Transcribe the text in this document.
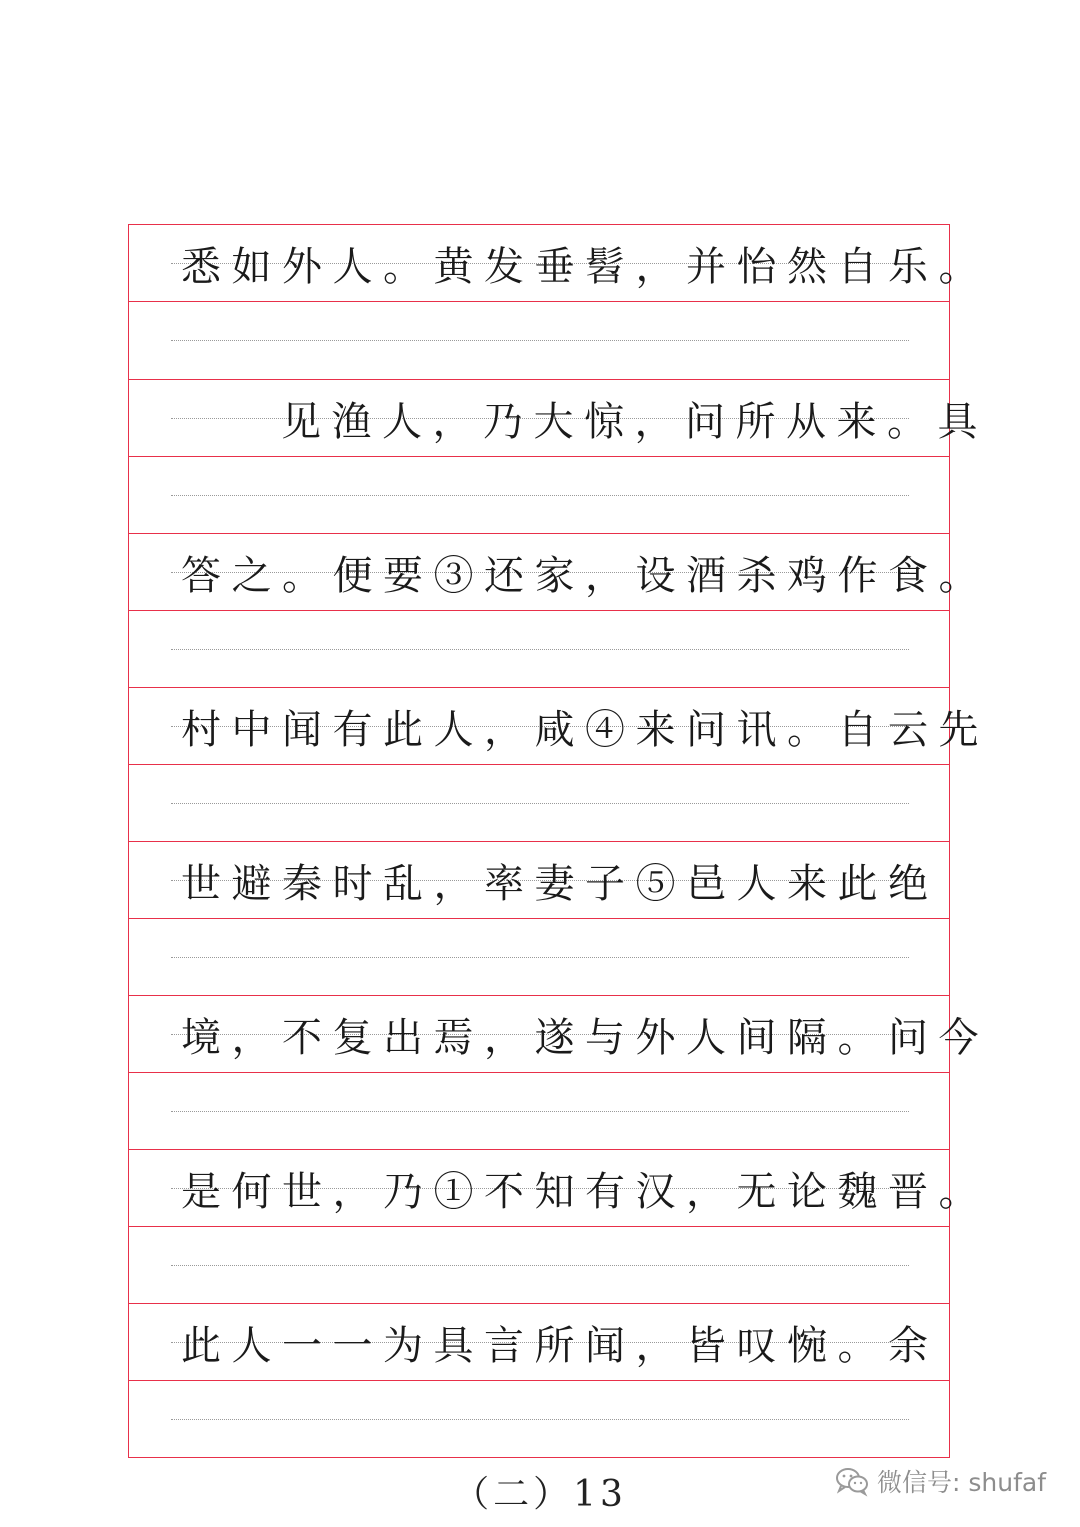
悉如外人。黄发垂髫，并怡然自乐。
见渔人，乃大惊，问所从来。具
答之。便要③还家，设酒杀鸡作食。
村中闻有此人，咸④来问讯。自云先
世避秦时乱，率妻子⑤邑人来此绝
境，不复出焉，遂与外人间隔。问今
是何世，乃①不知有汉，无论魏晋。
此人一一为具言所闻，皆叹惋。余
（二）13	微信号: shufaf
